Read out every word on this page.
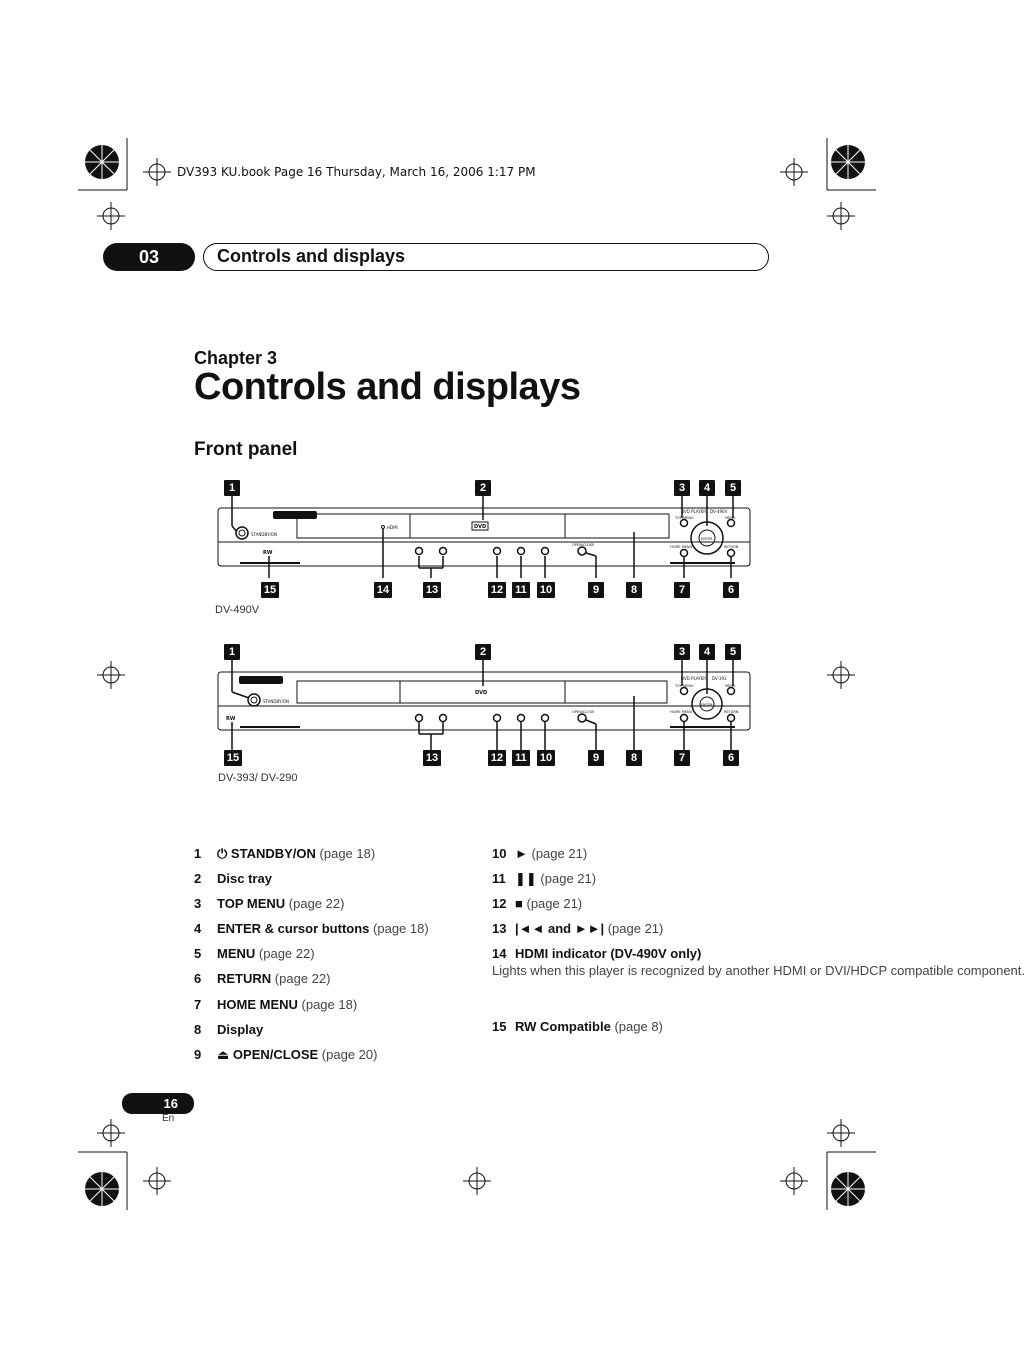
DV393 KU.book Page 16 Thursday, March 16, 2006 1:17 PM
03	Controls and displays
Chapter 3
Controls and displays
Front panel
1	2	3	4	5
STANDBY/ON
HDMI	DVD
RW
OPEN/CLOSE
DVD PLAYER DV-490V
TOP MENU	MENU
HOME MENU	RETURN
ENTER
15	14	13	12 11 10	9	8	7	6
DV-490V
1	2	3	4	5
STANDBY/ON
DVD
RW
OPEN/CLOSE
DVD PLAYER DV-393
TOP MENU	MENU
HOME MENU	RETURN
ENTER
15	13	12 11 10	9	8	7	6
DV-393/ DV-290
1 ⏻ STANDBY/ON (page 18)
2 Disc tray
3 TOP MENU (page 22)
4 ENTER & cursor buttons (page 18)
5 MENU (page 22)
6 RETURN (page 22)
7 HOME MENU (page 18)
8 Display
9 ⏏ OPEN/CLOSE (page 20)
10 ► (page 21)
11 ❚❚ (page 21)
12 ■ (page 21)
13 |◄◄ and ►►| (page 21)
14 HDMI indicator (DV-490V only)
Lights when this player is recognized by another HDMI or DVI/HDCP compatible component.
15 RW Compatible (page 8)
16
En
